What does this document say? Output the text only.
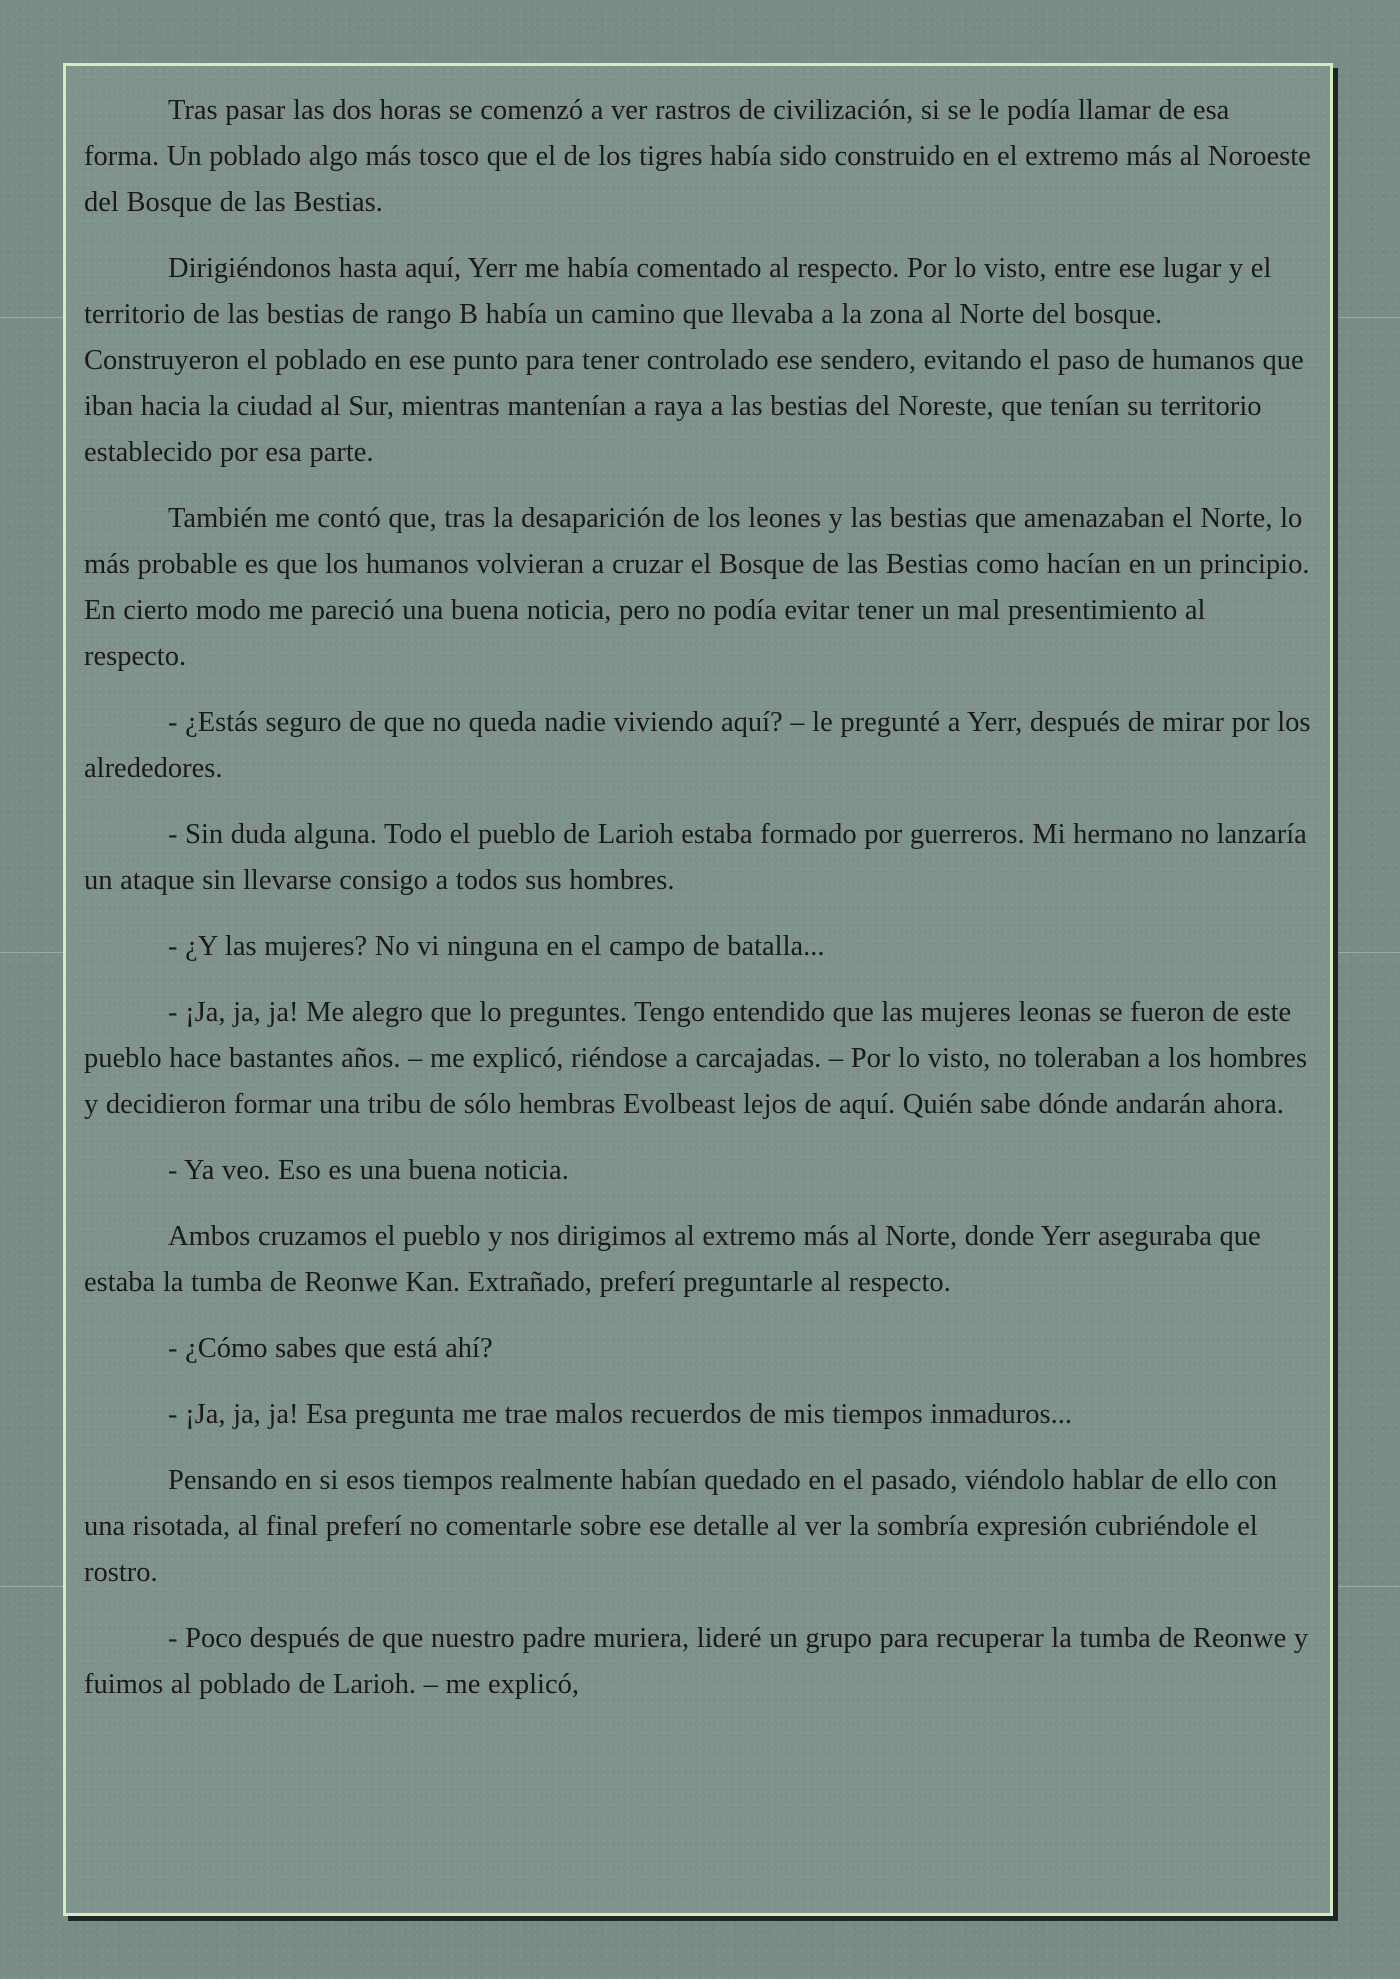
Tras pasar las dos horas se comenzó a ver rastros de civilización, si se le podía llamar de esa forma. Un poblado algo más tosco que el de los tigres había sido construido en el extremo más al Noroeste del Bosque de las Bestias.

Dirigiéndonos hasta aquí, Yerr me había comentado al respecto. Por lo visto, entre ese lugar y el territorio de las bestias de rango B había un camino que llevaba a la zona al Norte del bosque. Construyeron el poblado en ese punto para tener controlado ese sendero, evitando el paso de humanos que iban hacia la ciudad al Sur, mientras mantenían a raya a las bestias del Noreste, que tenían su territorio establecido por esa parte.

También me contó que, tras la desaparición de los leones y las bestias que amenazaban el Norte, lo más probable es que los humanos volvieran a cruzar el Bosque de las Bestias como hacían en un principio. En cierto modo me pareció una buena noticia, pero no podía evitar tener un mal presentimiento al respecto.

- ¿Estás seguro de que no queda nadie viviendo aquí? – le pregunté a Yerr, después de mirar por los alrededores.

- Sin duda alguna. Todo el pueblo de Larioh estaba formado por guerreros. Mi hermano no lanzaría un ataque sin llevarse consigo a todos sus hombres.

- ¿Y las mujeres? No vi ninguna en el campo de batalla...

- ¡Ja, ja, ja! Me alegro que lo preguntes. Tengo entendido que las mujeres leonas se fueron de este pueblo hace bastantes años. – me explicó, riéndose a carcajadas. – Por lo visto, no toleraban a los hombres y decidieron formar una tribu de sólo hembras Evolbeast lejos de aquí. Quién sabe dónde andarán ahora.

- Ya veo. Eso es una buena noticia.

Ambos cruzamos el pueblo y nos dirigimos al extremo más al Norte, donde Yerr aseguraba que estaba la tumba de Reonwe Kan. Extrañado, preferí preguntarle al respecto.

- ¿Cómo sabes que está ahí?

- ¡Ja, ja, ja! Esa pregunta me trae malos recuerdos de mis tiempos inmaduros...

Pensando en si esos tiempos realmente habían quedado en el pasado, viéndolo hablar de ello con una risotada, al final preferí no comentarle sobre ese detalle al ver la sombría expresión cubriéndole el rostro.

- Poco después de que nuestro padre muriera, lideré un grupo para recuperar la tumba de Reonwe y fuimos al poblado de Larioh. – me explicó,
